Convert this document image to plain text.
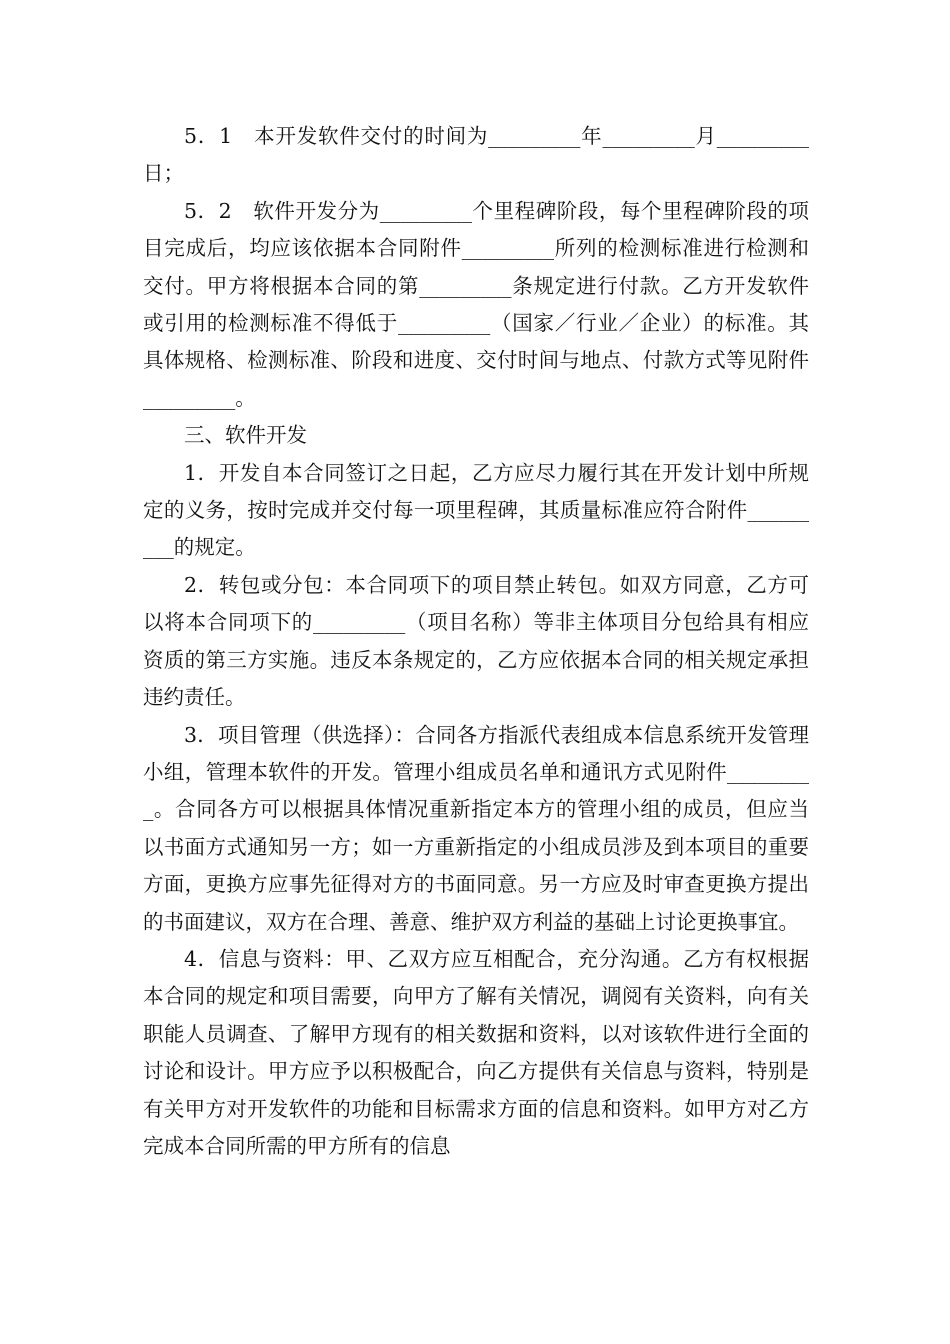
5．1　本开发软件交付的时间为_________年_________月_________日；

5．2　软件开发分为_________个里程碑阶段，每个里程碑阶段的项目完成后，均应该依据本合同附件_________所列的检测标准进行检测和交付。甲方将根据本合同的第_________条规定进行付款。乙方开发软件或引用的检测标准不得低于_________（国家／行业／企业）的标准。其具体规格、检测标准、阶段和进度、交付时间与地点、付款方式等见附件_________。

三、软件开发

1．开发自本合同签订之日起，乙方应尽力履行其在开发计划中所规定的义务，按时完成并交付每一项里程碑，其质量标准应符合附件_________的规定。

2．转包或分包：本合同项下的项目禁止转包。如双方同意，乙方可以将本合同项下的_________（项目名称）等非主体项目分包给具有相应资质的第三方实施。违反本条规定的，乙方应依据本合同的相关规定承担违约责任。

3．项目管理（供选择）：合同各方指派代表组成本信息系统开发管理小组，管理本软件的开发。管理小组成员名单和通讯方式见附件_________。合同各方可以根据具体情况重新指定本方的管理小组的成员，但应当以书面方式通知另一方；如一方重新指定的小组成员涉及到本项目的重要方面，更换方应事先征得对方的书面同意。另一方应及时审查更换方提出的书面建议，双方在合理、善意、维护双方利益的基础上讨论更换事宜。

4．信息与资料：甲、乙双方应互相配合，充分沟通。乙方有权根据本合同的规定和项目需要，向甲方了解有关情况，调阅有关资料，向有关职能人员调查、了解甲方现有的相关数据和资料，以对该软件进行全面的讨论和设计。甲方应予以积极配合，向乙方提供有关信息与资料，特别是有关甲方对开发软件的功能和目标需求方面的信息和资料。如甲方对乙方完成本合同所需的甲方所有的信息
